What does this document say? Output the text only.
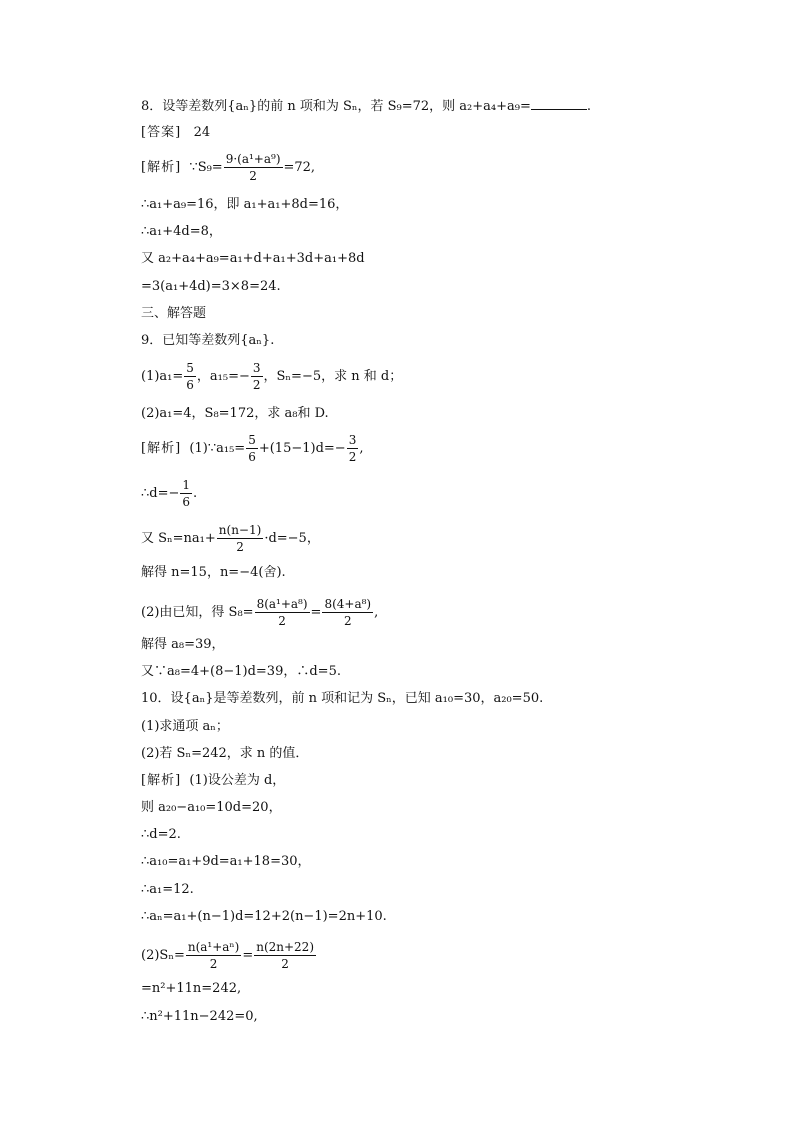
8．设等差数列{aₙ}的前 n 项和为 Sₙ，若 S₉=72，则 a₂+a₄+a₉=	.
[答案] 24
[解析] ∵S₉= $\frac{\text{9·(a¹+a⁹)}}{2} =72$,
∴a₁+a₉=16，即 a₁+a₁+8d=16，
∴a₁+4d=8，
又 a₂+a₄+a₉=a₁+d+a₁+3d+a₁+8d
=3(a₁+4d)=3×8=24.
三、解答题
9．已知等差数列{aₙ}.
$(1)a_1= \frac{5}{6}$ ，$a_{15}=- \frac{3}{2}$ ，Sₙ=−5，求 n 和 d；
(2)a₁=4，S₈=172，求 a₈和 D.
[解析] (1)∵a₁₅= $\frac{5}{6} +(15-1)d=- \frac{3}{2}$ ,
∴d=− $\frac{1}{6}$ .
又 $S_n=na_1+ \frac{n(n-1)}{2} \cdot d=-5$，
解得 n=15，n=−4(舍).
(2)由已知，得 $S_8= \frac{\text{8(a¹+a⁸)}}{2} = \frac{\text{8(4+a⁸)}}{2}$ ,
解得 a₈=39，
又∵a₈=4+(8−1)d=39，∴d=5.
10．设{aₙ}是等差数列，前 n 项和记为 Sₙ，已知 a₁₀=30，a₂₀=50.
(1)求通项 aₙ；
(2)若 Sₙ=242，求 n 的值．
[解析] (1)设公差为 d，
则 a₂₀−a₁₀=10d=20，
∴d=2.
∴a₁₀=a₁+9d=a₁+18=30，
∴a₁=12.
∴aₙ=a₁+(n−1)d=12+2(n−1)=2n+10.
$(2)S_n= \frac{\text{n(a¹+aⁿ)}}{2} = \frac{n(2n+22)}{2}$
=n²+11n=242,
∴n²+11n−242=0,
